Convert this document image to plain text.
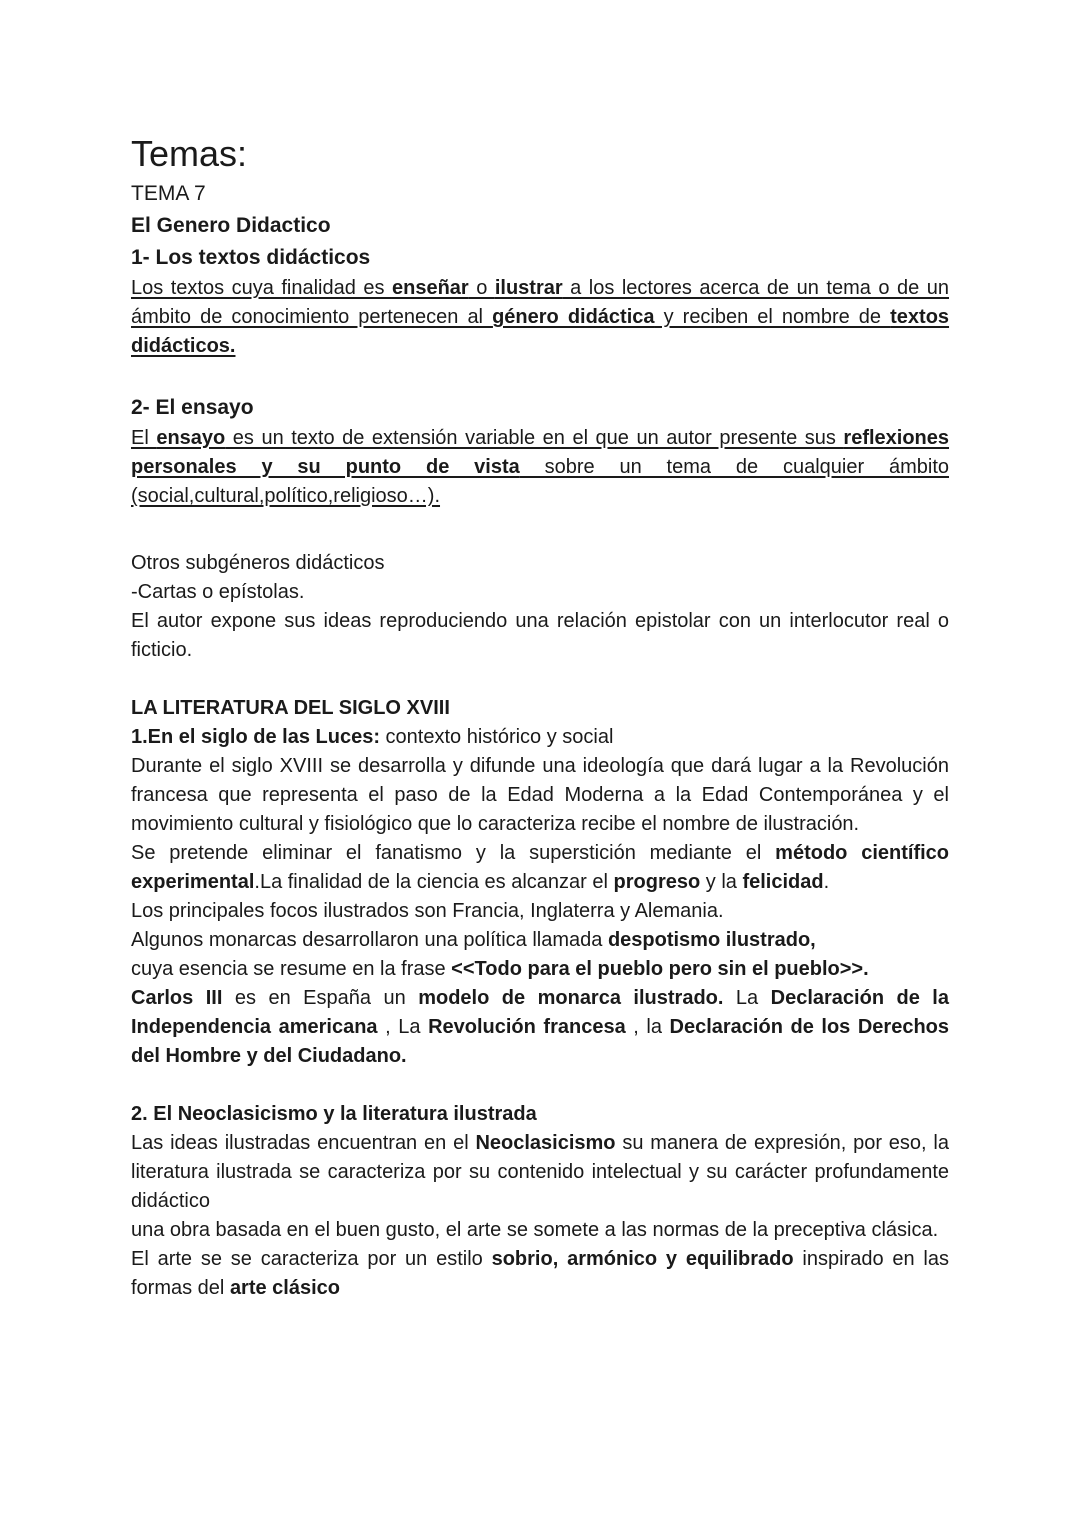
Temas:
TEMA 7
El Genero Didactico
1- Los textos didácticos

Los textos cuya finalidad es enseñar o ilustrar a los lectores acerca de un tema o de un ámbito de conocimiento pertenecen al género didáctica y reciben el nombre de textos didácticos.

2- El ensayo

El ensayo es un texto de extensión variable en el que un autor presente sus reflexiones personales y su punto de vista sobre un tema de cualquier ámbito (social,cultural,político,religioso…).

Otros subgéneros didácticos

-Cartas o epístolas.

El autor expone sus ideas reproduciendo una relación epistolar con un interlocutor real o ficticio.

LA LITERATURA DEL SIGLO XVIII

1.En el siglo de las Luces: contexto histórico y social

Durante el siglo XVIII se desarrolla y difunde una ideología que dará lugar a la Revolución francesa que representa el paso de la Edad Moderna a la Edad Contemporánea y el movimiento cultural y fisiológico que lo caracteriza recibe el nombre de ilustración.

Se pretende eliminar el fanatismo y la superstición mediante el método científico experimental.La finalidad de la ciencia es alcanzar el progreso y la felicidad.

Los principales focos ilustrados son Francia, Inglaterra y Alemania.

Algunos monarcas desarrollaron una política llamada despotismo ilustrado,

cuya esencia se resume en la frase <<Todo para el pueblo pero sin el pueblo>>.

Carlos III es en España un modelo de monarca ilustrado. La Declaración de la Independencia americana , La Revolución francesa , la Declaración de los Derechos del Hombre y del Ciudadano.

2. El Neoclasicismo y la literatura ilustrada

Las ideas ilustradas encuentran en el Neoclasicismo su manera de expresión, por eso, la literatura ilustrada se caracteriza por su contenido intelectual y su carácter profundamente didáctico

una obra basada en el buen gusto, el arte se somete a las normas de la preceptiva clásica.

El arte se se caracteriza por un estilo sobrio, armónico y equilibrado inspirado en las formas del arte clásico
